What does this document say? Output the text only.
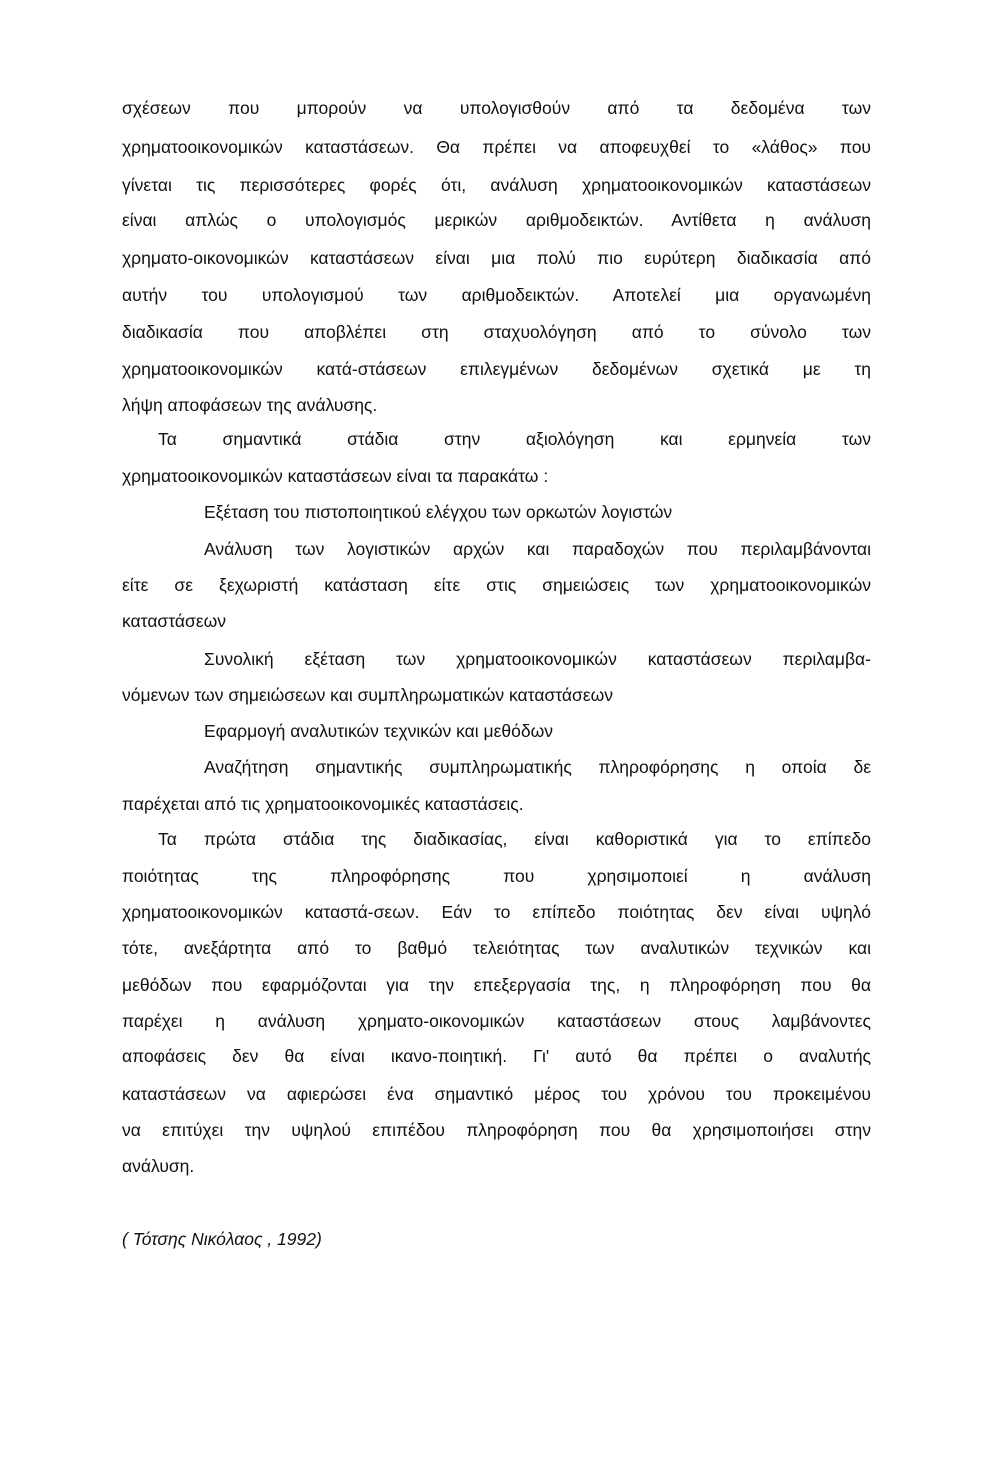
σχέσεων που μπορούν να υπολογισθούν από τα δεδομένα των
χρηματοοικονομικών καταστάσεων. Θα πρέπει να αποφευχθεί το «λάθος» που
γίνεται τις περισσότερες φορές ότι, ανάλυση χρηματοοικονομικών καταστάσεων
είναι απλώς ο υπολογισμός μερικών αριθμοδεικτών. Αντίθετα η ανάλυση
χρηματο-οικονομικών καταστάσεων είναι μια πολύ πιο ευρύτερη διαδικασία από
αυτήν του υπολογισμού των αριθμοδεικτών. Αποτελεί μια οργανωμένη
διαδικασία που αποβλέπει στη σταχυολόγηση από το σύνολο των
χρηματοοικονομικών κατά-στάσεων επιλεγμένων δεδομένων σχετικά με τη
λήψη αποφάσεων της ανάλυσης.
Τα σημαντικά στάδια στην αξιολόγηση και ερμηνεία των
χρηματοοικονομικών καταστάσεων είναι τα παρακάτω :
Εξέταση του πιστοποιητικού ελέγχου των ορκωτών λογιστών
Ανάλυση των λογιστικών αρχών και παραδοχών που περιλαμβάνονται
είτε σε ξεχωριστή κατάσταση είτε στις σημειώσεις των χρηματοοικονομικών
καταστάσεων
Συνολική εξέταση των χρηματοοικονομικών καταστάσεων περιλαμβα-
νόμενων των σημειώσεων και συμπληρωματικών καταστάσεων
Εφαρμογή αναλυτικών τεχνικών και μεθόδων
Αναζήτηση σημαντικής συμπληρωματικής πληροφόρησης η οποία δε
παρέχεται από τις χρηματοοικονομικές καταστάσεις.
Τα πρώτα στάδια της διαδικασίας, είναι καθοριστικά για το επίπεδο
ποιότητας της πληροφόρησης που χρησιμοποιεί η ανάλυση
χρηματοοικονομικών καταστά-σεων. Εάν το επίπεδο ποιότητας δεν είναι υψηλό
τότε, ανεξάρτητα από το βαθμό τελειότητας των αναλυτικών τεχνικών και
μεθόδων που εφαρμόζονται για την επεξεργασία της, η πληροφόρηση που θα
παρέχει η ανάλυση χρηματο-οικονομικών καταστάσεων στους λαμβάνοντες
αποφάσεις δεν θα είναι ικανο-ποιητική. Γι' αυτό θα πρέπει ο αναλυτής
καταστάσεων να αφιερώσει ένα σημαντικό μέρος του χρόνου του προκειμένου
να επιτύχει την υψηλού επιπέδου πληροφόρηση που θα χρησιμοποιήσει στην
ανάλυση.
( Τότσης Νικόλαος , 1992)
